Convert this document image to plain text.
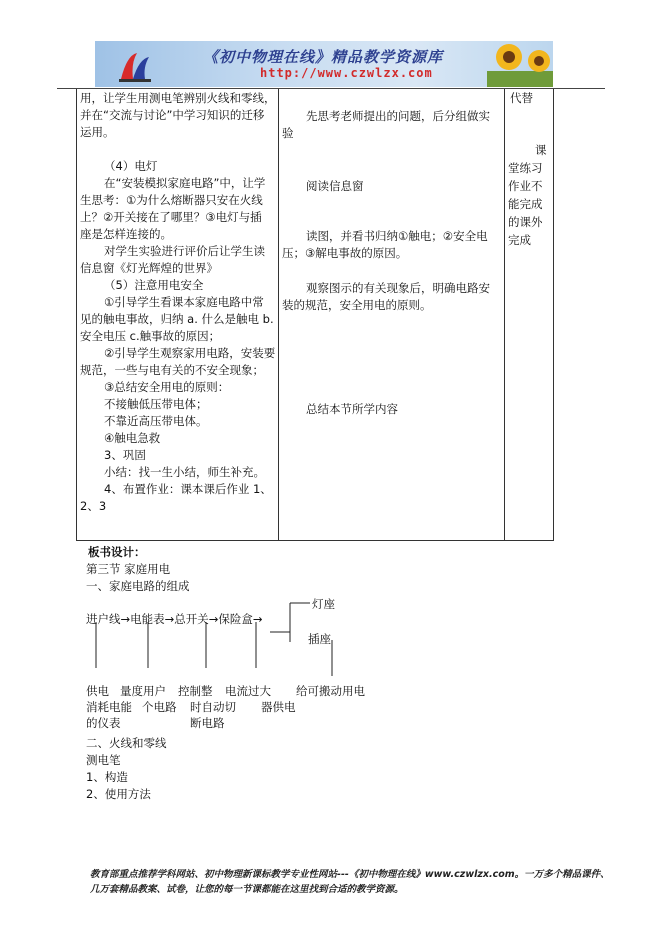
《初中物理在线》精品教学资源库
http://www.czwlzx.com

用，让学生用测电笔辨别火线和零线，

并在“交流与讨论”中学习知识的迁移

运用。

（4）电灯

在“安装模拟家庭电路”中，让学

生思考：①为什么熔断器只安在火线

上？②开关接在了哪里？③电灯与插

座是怎样连接的。

对学生实验进行评价后让学生读

信息窗《灯光辉煌的世界》

（5）注意用电安全

①引导学生看课本家庭电路中常

见的触电事故，归纳 a. 什么是触电 b.

安全电压 c.触事故的原因；

②引导学生观察家用电路，安装要

规范，一些与电有关的不安全现象；

③总结安全用电的原则：

不接触低压带电体；

不靠近高压带电体。

④触电急救

3、巩固

小结：找一生小结，师生补充。

4、布置作业：课本课后作业 1、

2、3

先思考老师提出的问题，后分组做实

验

阅读信息窗

读图，并看书归纳①触电；②安全电

压；③解电事故的原因。

观察图示的有关现象后，明确电路安

装的规范，安全用电的原则。

总结本节所学内容

代替

课

堂练习

作业不

能完成

的课外

完成

板书设计：
第三节 家庭用电
一、家庭电路的组成
进户线→电能表→总开关→保险盒→
灯座
插座
供电
消耗电能
的仪表
量度用户
个电路
控制整
时自动切
断电路
电流过大
器供电
给可搬动用电
二、火线和零线
测电笔
1、构造
2、使用方法

教育部重点推荐学科网站、初中物理新课标教学专业性网站---《初中物理在线》www.czwlzx.com。一万多个精品课件、

几万套精品教案、试卷，让您的每一节课都能在这里找到合适的教学资源。
